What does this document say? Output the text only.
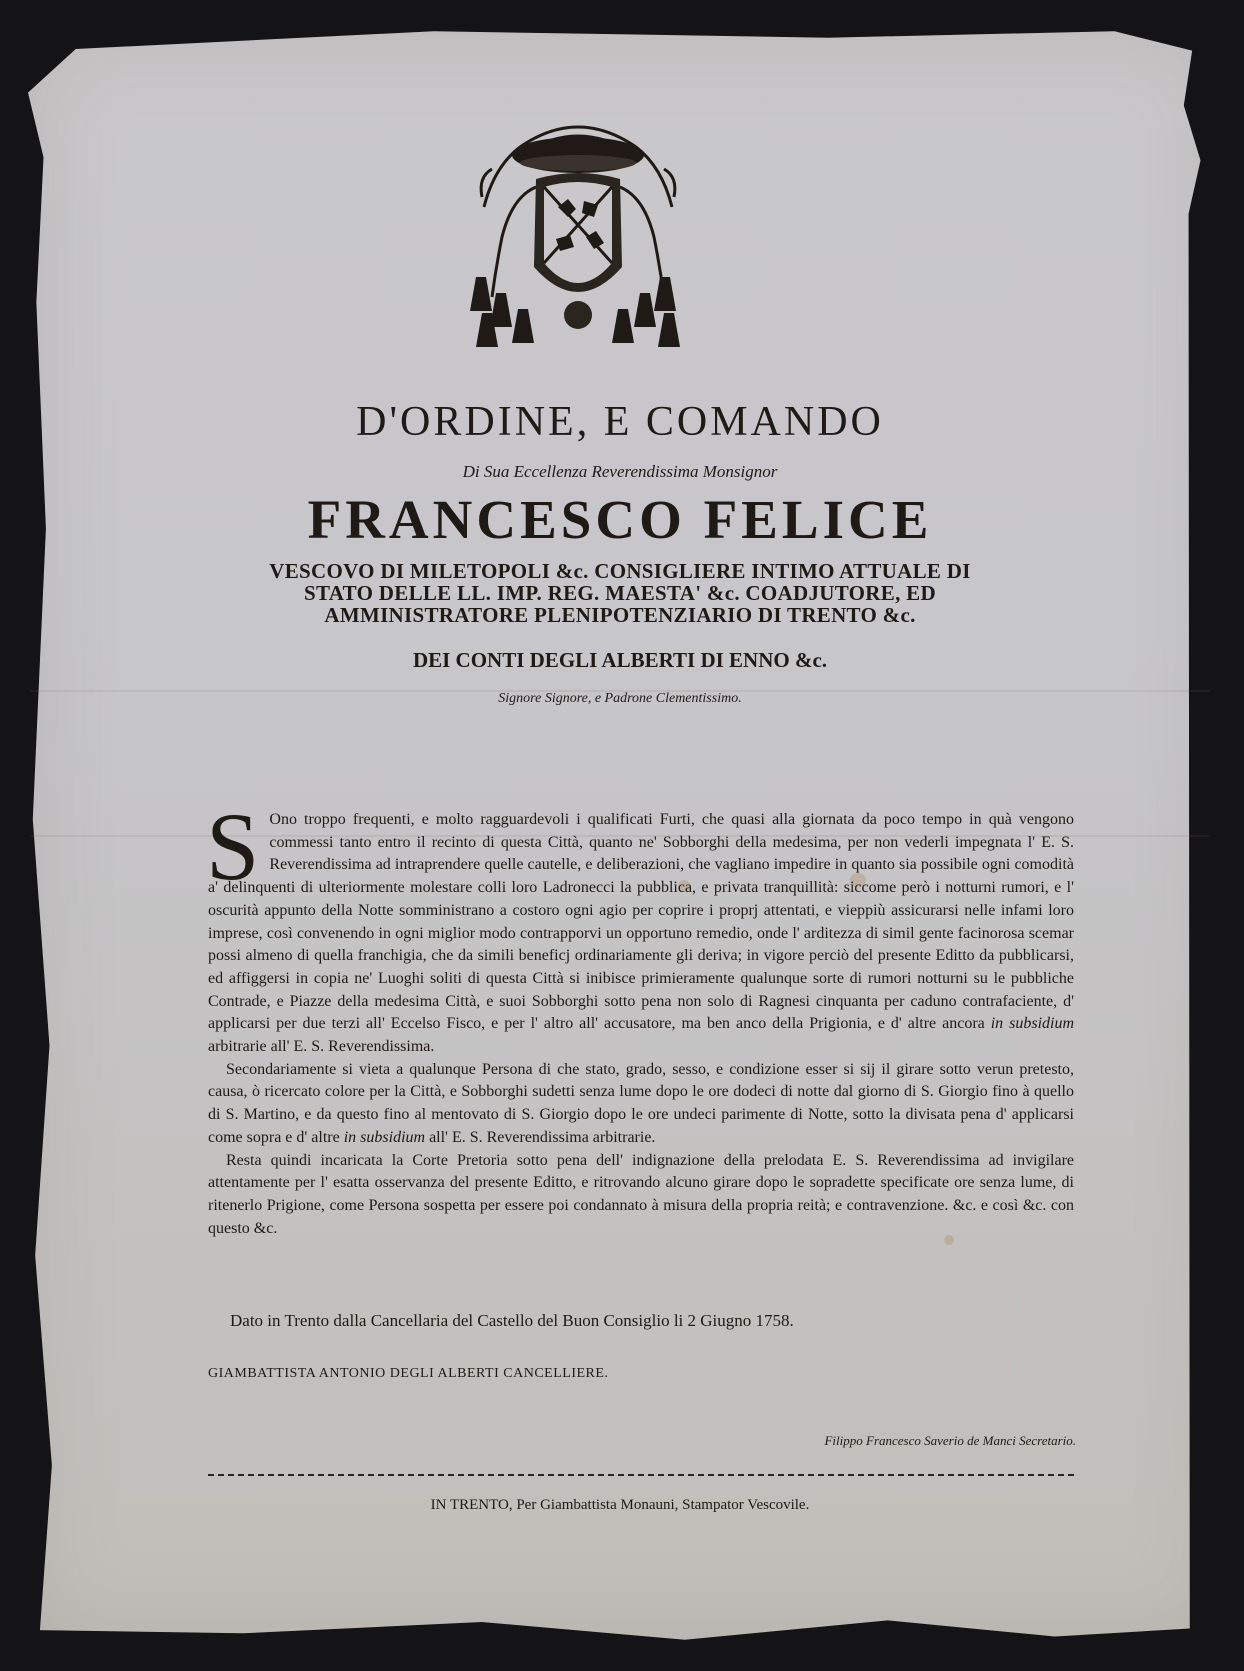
D'ORDINE, E COMANDO

Di Sua Eccellenza Reverendissima Monsignor

FRANCESCO FELICE
VESCOVO DI MILETOPOLI &c. CONSIGLIERE INTIMO ATTUALE DI
STATO DELLE LL. IMP. REG. MAESTA' &c. COADJUTORE, ED
AMMINISTRATORE PLENIPOTENZIARIO DI TRENTO &c.

DEI CONTI DEGLI ALBERTI DI ENNO &c.

Signore Signore, e Padrone Clementissimo.

S Ono troppo frequenti, e molto ragguardevoli i qualificati Furti, che quasi alla giornata da poco tempo in quà vengono commessi tanto entro il recinto di questa Città, quanto ne' Sobborghi della medesima, per non vederli impegnata l' E. S. Reverendissima ad intraprendere quelle cautelle, e deliberazioni, che vagliano impedire in quanto sia possibile ogni comodità a' delinquenti di ulteriormente molestare colli loro Ladronecci la pubblica, e privata tranquillità: siccome però i notturni rumori, e l' oscurità appunto della Notte somministrano a costoro ogni agio per coprire i proprj attentati, e vieppiù assicurarsi nelle infami loro imprese, così convenendo in ogni miglior modo contrapporvi un opportuno remedio, onde l' arditezza di simil gente facinorosa scemar possi almeno di quella franchigia, che da simili beneficj ordinariamente gli deriva; in vigore perciò del presente Editto da pubblicarsi, ed affiggersi in copia ne' Luoghi soliti di questa Città si inibisce primieramente qualunque sorte di rumori notturni su le pubbliche Contrade, e Piazze della medesima Città, e suoi Sobborghi sotto pena non solo di Ragnesi cinquanta per caduno contrafaciente, d' applicarsi per due terzi all' Eccelso Fisco, e per l' altro all' accusatore, ma ben anco della Prigionia, e d' altre ancora in subsidium arbitrarie all' E. S. Reverendissima.

Secondariamente si vieta a qualunque Persona di che stato, grado, sesso, e condizione esser si sij il girare sotto verun pretesto, causa, ò ricercato colore per la Città, e Sobborghi sudetti senza lume dopo le ore dodeci di notte dal giorno di S. Giorgio fino à quello di S. Martino, e da questo fino al mentovato di S. Giorgio dopo le ore undeci parimente di Notte, sotto la divisata pena d' applicarsi come sopra e d' altre in subsidium all' E. S. Reverendissima arbitrarie.

Resta quindi incaricata la Corte Pretoria sotto pena dell' indignazione della prelodata E. S. Reverendissima ad invigilare attentamente per l' esatta osservanza del presente Editto, e ritrovando alcuno girare dopo le sopradette specificate ore senza lume, di ritenerlo Prigione, come Persona sospetta per essere poi condannato à misura della propria reità; e contravenzione. &c. e così &c. con questo &c.

Dato in Trento dalla Cancellaria del Castello del Buon Consiglio li 2 Giugno 1758.

GIAMBATTISTA ANTONIO DEGLI ALBERTI CANCELLIERE.

Filippo Francesco Saverio de Manci Secretario.

IN TRENTO, Per Giambattista Monauni, Stampator Vescovile.
